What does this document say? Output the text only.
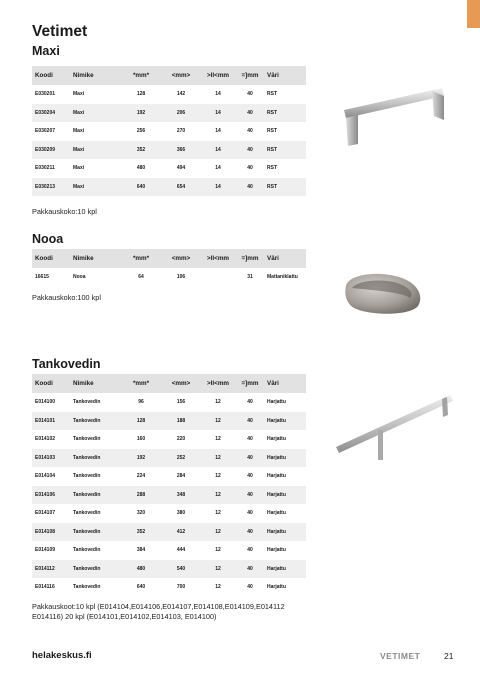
Vetimet
Maxi
Koodi	Nimike	*mm*	<mm>	>ll<mm	=]mm	Väri
E030201	Maxi	128	142	14	40	RST
E030204	Maxi	192	206	14	40	RST
E030207	Maxi	256	270	14	40	RST
E030209	Maxi	352	366	14	40	RST
E030211	Maxi	480	494	14	40	RST
E030213	Maxi	640	654	14	40	RST
Pakkauskoko:10 kpl
Nooa
Koodi	Nimike	*mm*	<mm>	>ll<mm	=]mm	Väri
16615	Nooa	64	106		31	Mattaniklattu
Pakkauskoko:100 kpl
Tankovedin
Koodi	Nimike	*mm*	<mm>	>ll<mm	=]mm	Väri
E014100	Tankovedin	96	156	12	40	Harjattu
E014101	Tankovedin	128	188	12	40	Harjattu
E014102	Tankovedin	160	220	12	40	Harjattu
E014103	Tankovedin	192	252	12	40	Harjattu
E014104	Tankovedin	224	284	12	40	Harjattu
E014106	Tankovedin	288	348	12	40	Harjattu
E014107	Tankovedin	320	380	12	40	Harjattu
E014108	Tankovedin	352	412	12	40	Harjattu
E014109	Tankovedin	384	444	12	40	Harjattu
E014112	Tankovedin	480	540	12	40	Harjattu
E014116	Tankovedin	640	700	12	40	Harjattu
Pakkauskoot:10 kpl (E014104,E014106,E014107,E014108,E014109,E014112
E014116) 20 kpl (E014101,E014102,E014103, E014100)
helakeskus.fi	VETIMET	21
